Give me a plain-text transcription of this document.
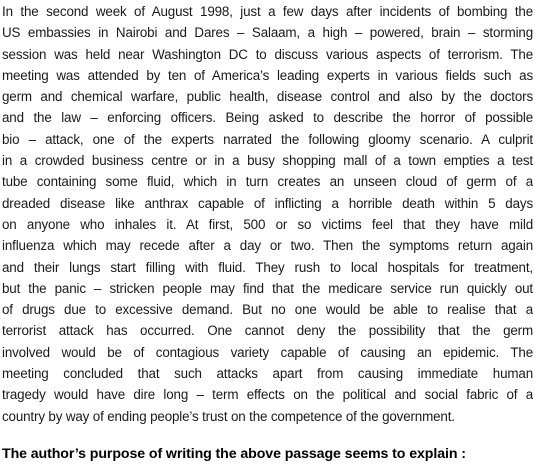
In the second week of August 1998, just a few days after incidents of bombing the
US embassies in Nairobi and Dares – Salaam, a high – powered, brain – storming
session was held near Washington DC to discuss various aspects of terrorism. The
meeting was attended by ten of America’s leading experts in various fields such as
germ and chemical warfare, public health, disease control and also by the doctors
and the law – enforcing officers. Being asked to describe the horror of possible
bio – attack, one of the experts narrated the following gloomy scenario. A culprit
in a crowded business centre or in a busy shopping mall of a town empties a test
tube containing some fluid, which in turn creates an unseen cloud of germ of a
dreaded disease like anthrax capable of inflicting a horrible death within 5 days
on anyone who inhales it. At first, 500 or so victims feel that they have mild
influenza which may recede after a day or two. Then the symptoms return again
and their lungs start filling with fluid. They rush to local hospitals for treatment,
but the panic – stricken people may find that the medicare service run quickly out
of drugs due to excessive demand. But no one would be able to realise that a
terrorist attack has occurred. One cannot deny the possibility that the germ
involved would be of contagious variety capable of causing an epidemic. The
meeting concluded that such attacks apart from causing immediate human
tragedy would have dire long – term effects on the political and social fabric of a
country by way of ending people’s trust on the competence of the government.
The author’s purpose of writing the above passage seems to explain :
